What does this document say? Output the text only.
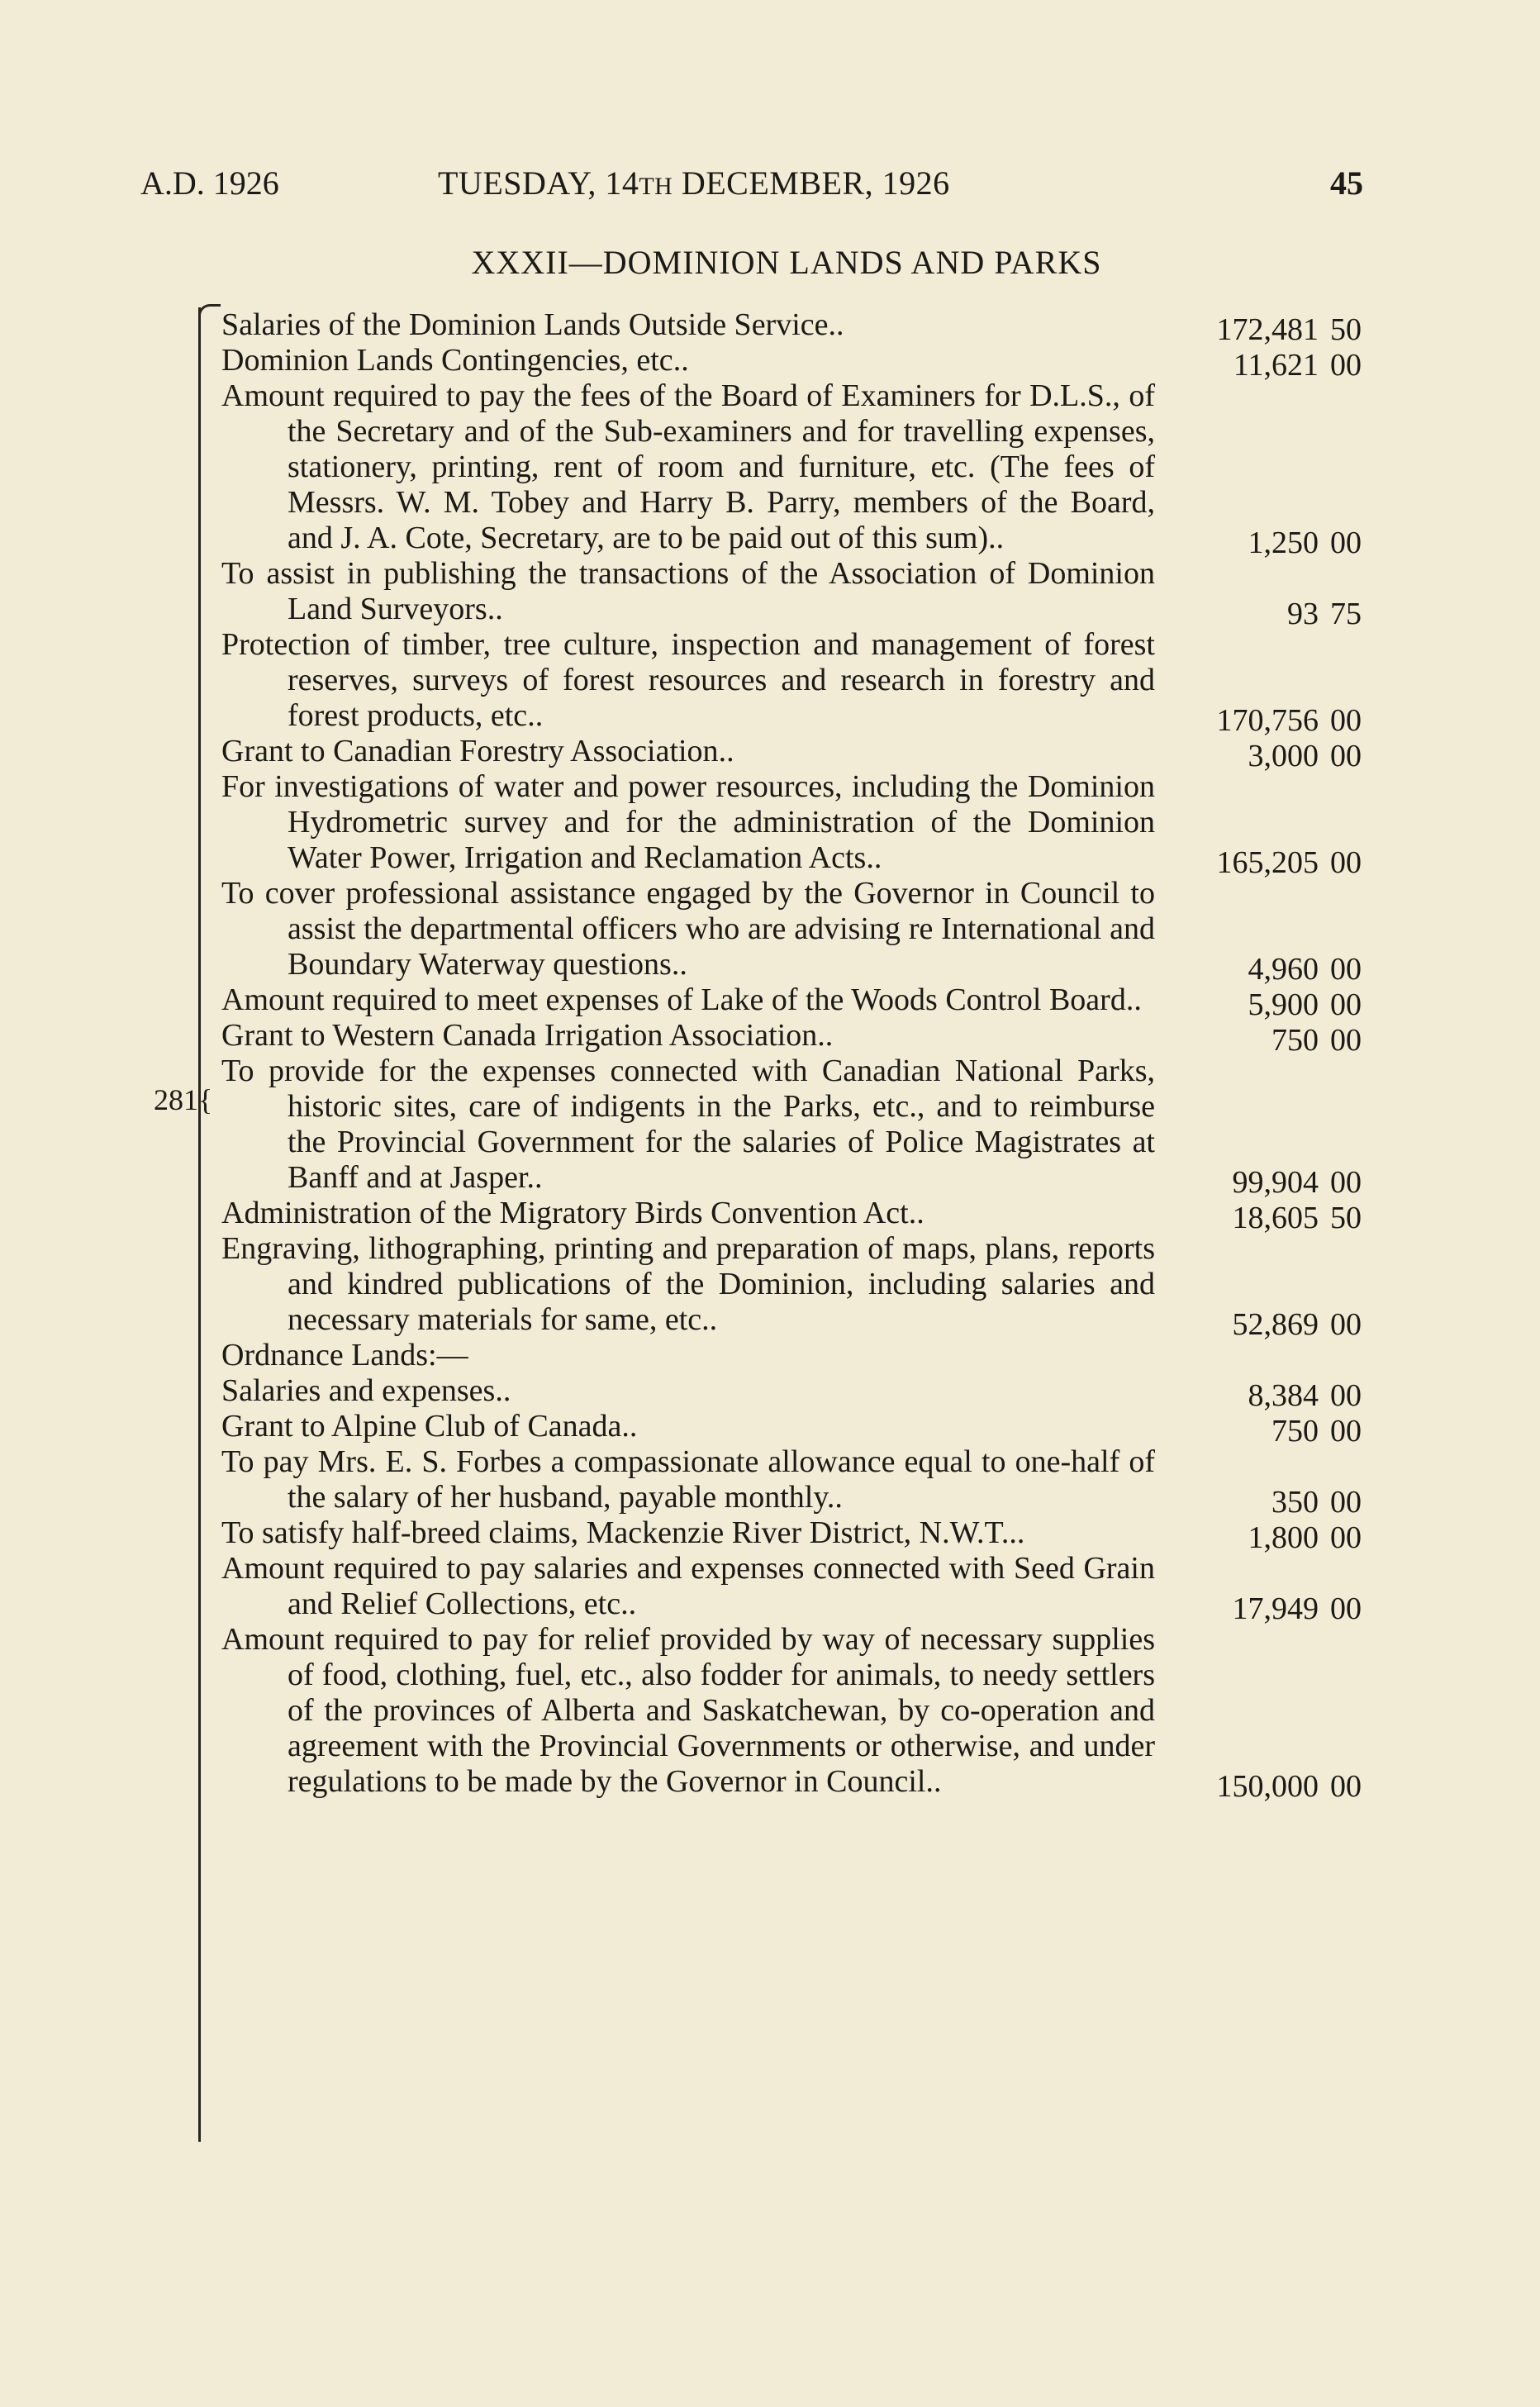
A.D. 1926	TUESDAY, 14TH DECEMBER, 1926	45
XXXII—DOMINION LANDS AND PARKS
281{
Salaries of the Dominion Lands Outside Service..	172,481 50
Dominion Lands Contingencies, etc..	11,621 00
Amount required to pay the fees of the Board of Examiners for D.L.S., of the Secretary and of the Sub-examiners and for travelling expenses, stationery, printing, rent of room and furniture, etc. (The fees of Messrs. W. M. Tobey and Harry B. Parry, members of the Board, and J. A. Cote, Secretary, are to be paid out of this sum)..	1,250 00
To assist in publishing the transactions of the Association of Dominion Land Surveyors..	93 75
Protection of timber, tree culture, inspection and management of forest reserves, surveys of forest resources and research in forestry and forest products, etc..	170,756 00
Grant to Canadian Forestry Association..	3,000 00
For investigations of water and power resources, including the Dominion Hydrometric survey and for the administration of the Dominion Water Power, Irrigation and Reclamation Acts..	165,205 00
To cover professional assistance engaged by the Governor in Council to assist the departmental officers who are advising re International and Boundary Waterway questions..	4,960 00
Amount required to meet expenses of Lake of the Woods Control Board..	5,900 00
Grant to Western Canada Irrigation Association..	750 00
To provide for the expenses connected with Canadian National Parks, historic sites, care of indigents in the Parks, etc., and to reimburse the Provincial Government for the salaries of Police Magistrates at Banff and at Jasper..	99,904 00
Administration of the Migratory Birds Convention Act..	18,605 50
Engraving, lithographing, printing and preparation of maps, plans, reports and kindred publications of the Dominion, including salaries and necessary materials for same, etc..	52,869 00
Ordnance Lands:—
Salaries and expenses..	8,384 00
Grant to Alpine Club of Canada..	750 00
To pay Mrs. E. S. Forbes a compassionate allowance equal to one-half of the salary of her husband, payable monthly..	350 00
To satisfy half-breed claims, Mackenzie River District, N.W.T...	1,800 00
Amount required to pay salaries and expenses connected with Seed Grain and Relief Collections, etc..	17,949 00
Amount required to pay for relief provided by way of necessary supplies of food, clothing, fuel, etc., also fodder for animals, to needy settlers of the provinces of Alberta and Saskatchewan, by co-operation and agreement with the Provincial Governments or otherwise, and under regulations to be made by the Governor in Council..	150,000 00
